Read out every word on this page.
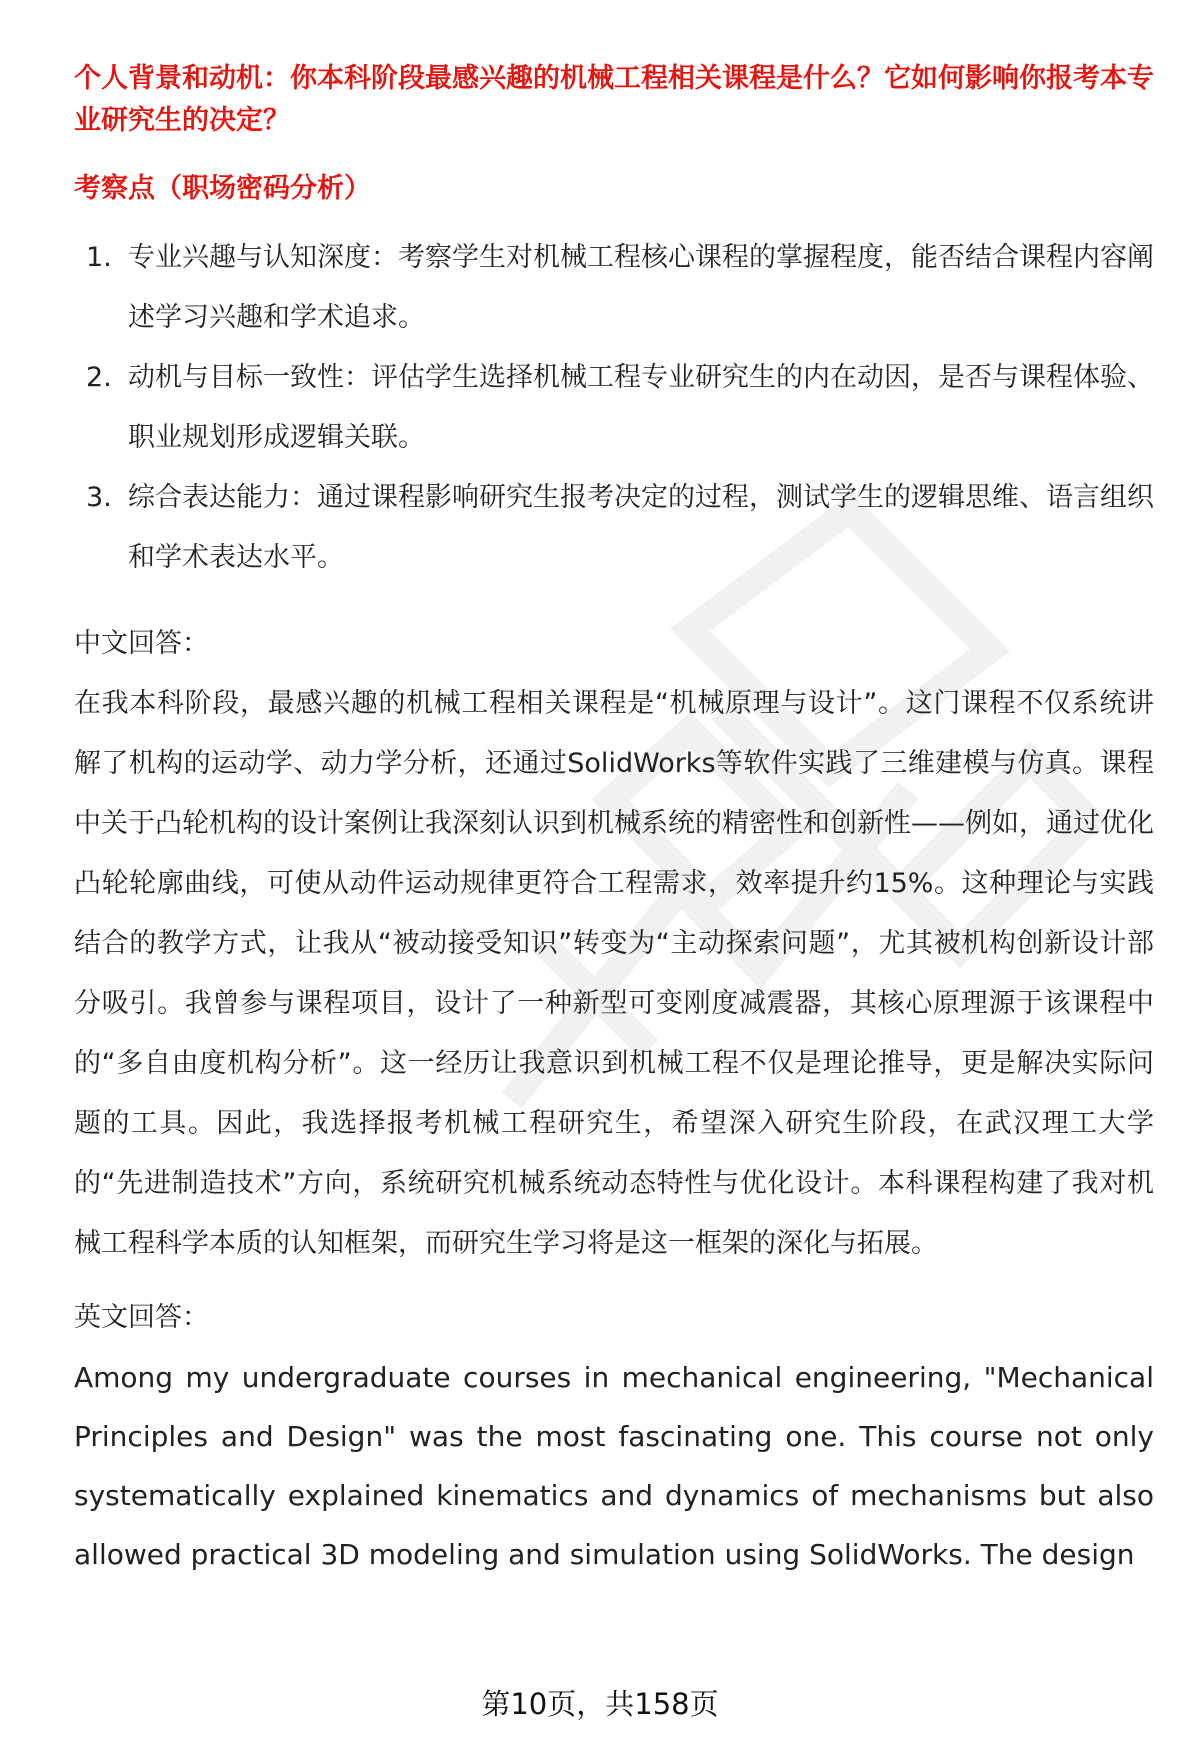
个人背景和动机：你本科阶段最感兴趣的机械工程相关课程是什么？它如何影响你报考本专业研究生的决定？

考察点（职场密码分析）

1. 专业兴趣与认知深度：考察学生对机械工程核心课程的掌握程度，能否结合课程内容阐述学习兴趣和学术追求。
2. 动机与目标一致性：评估学生选择机械工程专业研究生的内在动因，是否与课程体验、职业规划形成逻辑关联。
3. 综合表达能力：通过课程影响研究生报考决定的过程，测试学生的逻辑思维、语言组织和学术表达水平。

中文回答：

在我本科阶段，最感兴趣的机械工程相关课程是“机械原理与设计”。这门课程不仅系统讲解了机构的运动学、动力学分析，还通过SolidWorks等软件实践了三维建模与仿真。课程中关于凸轮机构的设计案例让我深刻认识到机械系统的精密性和创新性——例如，通过优化凸轮轮廓曲线，可使从动件运动规律更符合工程需求，效率提升约15%。这种理论与实践结合的教学方式，让我从“被动接受知识”转变为“主动探索问题”，尤其被机构创新设计部分吸引。我曾参与课程项目，设计了一种新型可变刚度减震器，其核心原理源于该课程中的“多自由度机构分析”。这一经历让我意识到机械工程不仅是理论推导，更是解决实际问题的工具。因此，我选择报考机械工程研究生，希望深入研究生阶段，在武汉理工大学的“先进制造技术”方向，系统研究机械系统动态特性与优化设计。本科课程构建了我对机械工程科学本质的认知框架，而研究生学习将是这一框架的深化与拓展。

英文回答：

Among my undergraduate courses in mechanical engineering, "Mechanical Principles and Design" was the most fascinating one. This course not only systematically explained kinematics and dynamics of mechanisms but also allowed practical 3D modeling and simulation using SolidWorks. The design

第10页，共158页
